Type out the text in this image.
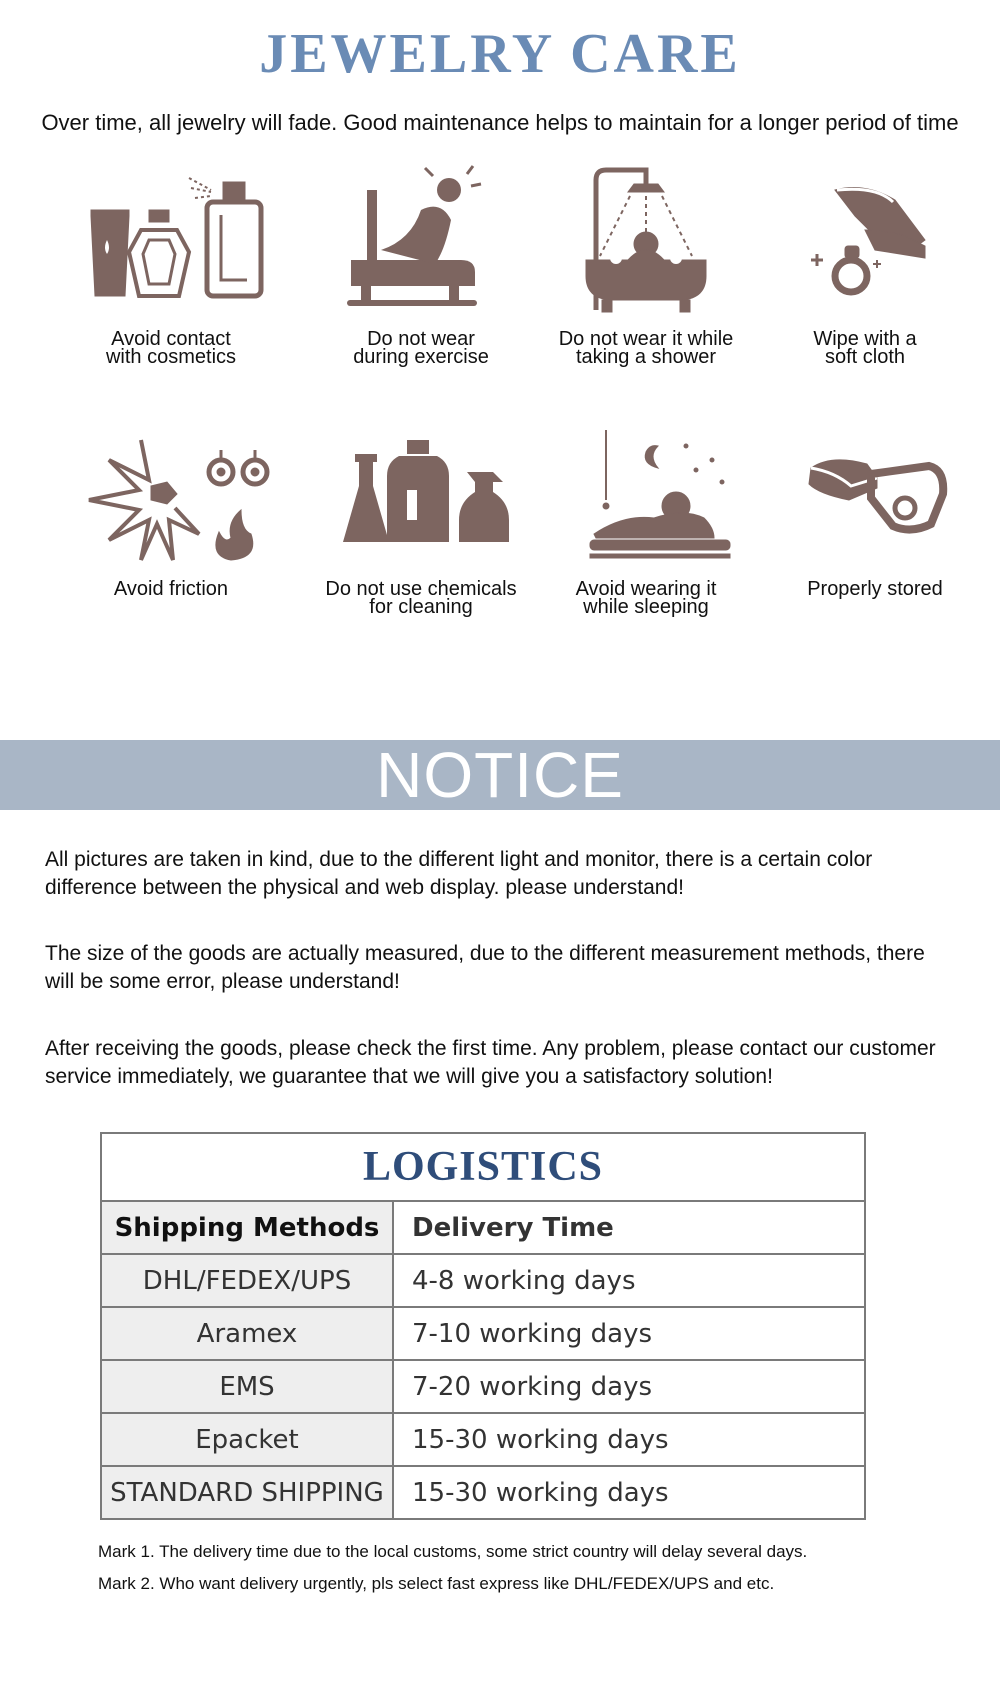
JEWELRY CARE

Over time, all jewelry will fade. Good maintenance helps to maintain for a longer period of time

Avoid contact
with cosmetics
Do not wear
during exercise
Do not wear it while
taking a shower
Wipe with a
soft cloth
Avoid friction	Do not use chemicals
for cleaning
Avoid wearing it
while sleeping
Properly stored
NOTICE

All pictures are taken in kind, due to the different light and monitor, there is a certain color difference between the physical and web display. please understand!

The size of the goods are actually measured, due to the different measurement methods, there will be some error, please understand!

After receiving the goods, please check the first time. Any problem, please contact our customer service immediately, we guarantee that we will give you a satisfactory solution!

LOGISTICS	
Shipping Methods	Delivery Time
DHL/FEDEX/UPS	4-8 working days
Aramex	7-10 working days
EMS	7-20 working days
Epacket	15-30 working days
STANDARD SHIPPING	15-30 working days

Mark 1. The delivery time due to the local customs, some strict country will delay several days.

Mark 2. Who want delivery urgently, pls select fast express like DHL/FEDEX/UPS and etc.
